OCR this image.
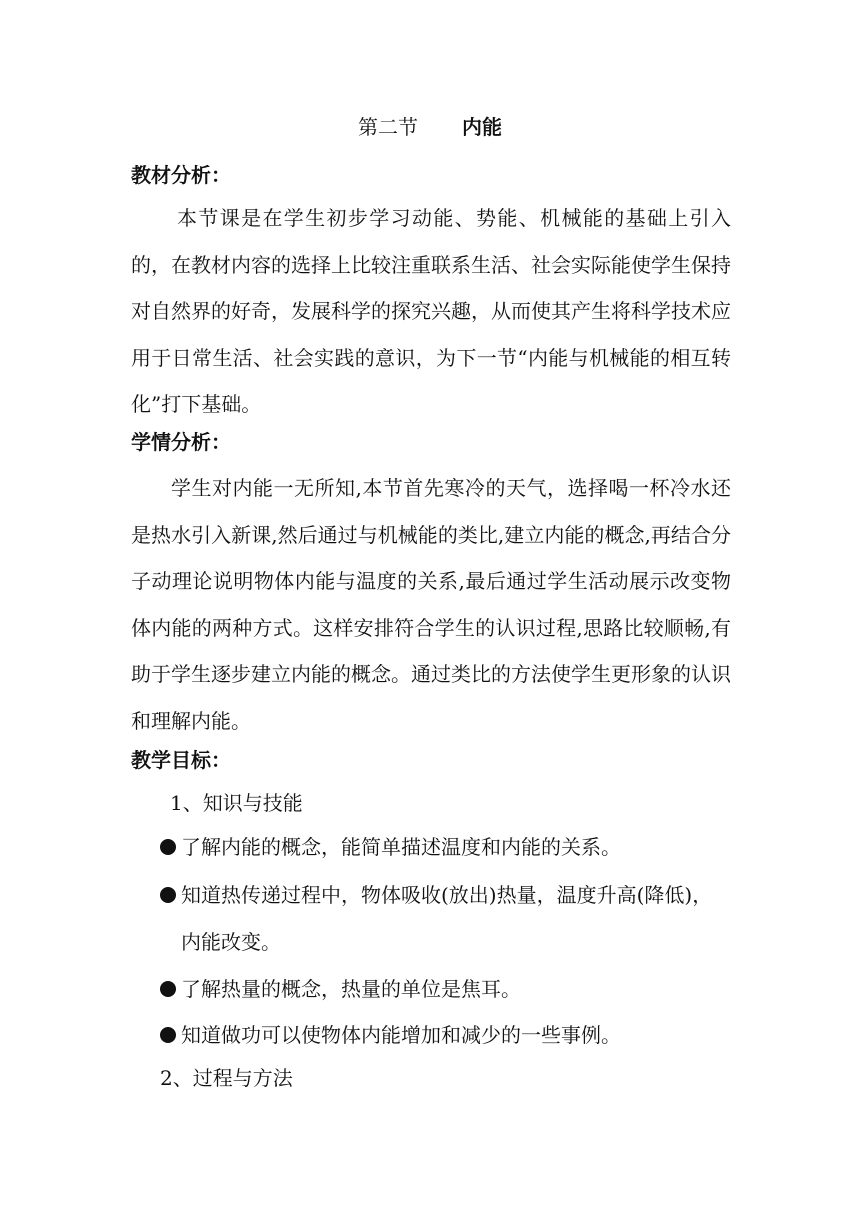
第二节 内能
教材分析：
本节课是在学生初步学习动能、势能、机械能的基础上引入的，在教材内容的选择上比较注重联系生活、社会实际能使学生保持对自然界的好奇，发展科学的探究兴趣，从而使其产生将科学技术应用于日常生活、社会实践的意识，为下一节“内能与机械能的相互转化”打下基础。
学情分析：
学生对内能一无所知,本节首先寒冷的天气，选择喝一杯冷水还是热水引入新课,然后通过与机械能的类比,建立内能的概念,再结合分子动理论说明物体内能与温度的关系,最后通过学生活动展示改变物体内能的两种方式。这样安排符合学生的认识过程,思路比较顺畅,有助于学生逐步建立内能的概念。通过类比的方法使学生更形象的认识和理解内能。
教学目标：
1、知识与技能
了解内能的概念，能简单描述温度和内能的关系。
知道热传递过程中，物体吸收(放出)热量，温度升高(降低)，
内能改变。
了解热量的概念，热量的单位是焦耳。
知道做功可以使物体内能增加和减少的一些事例。
2、过程与方法
